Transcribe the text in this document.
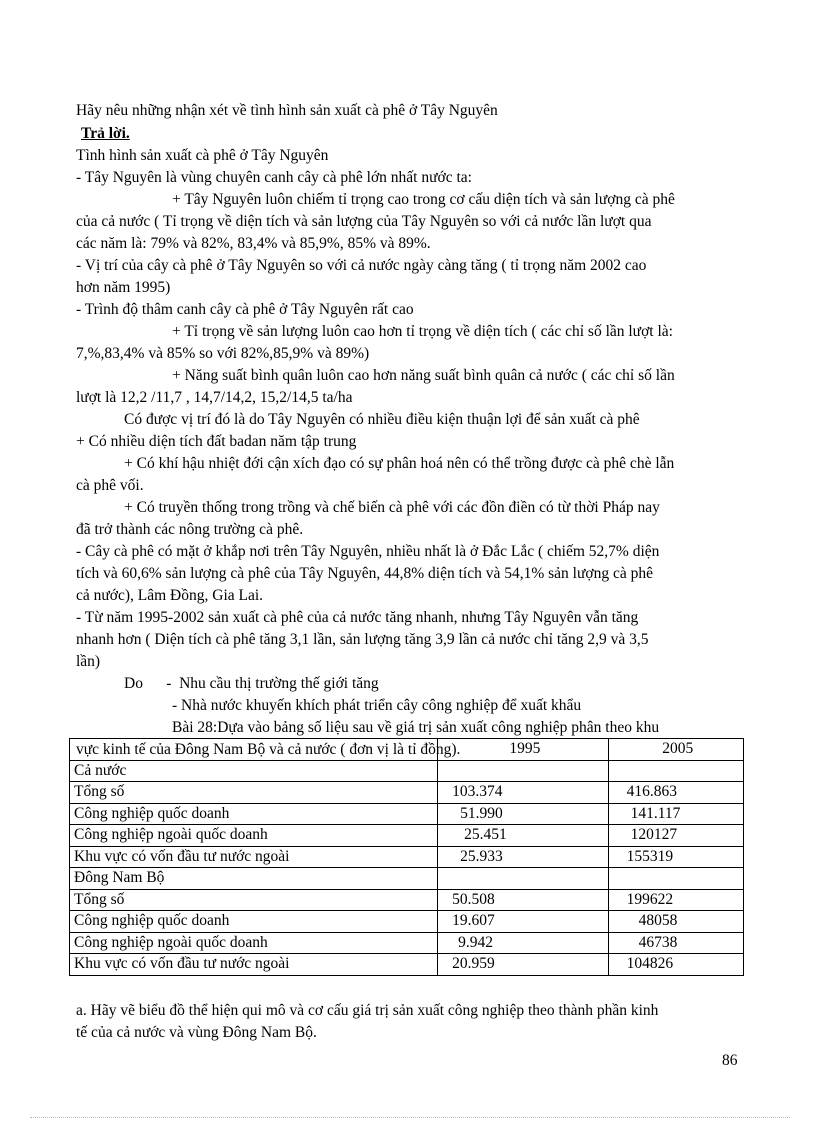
Hãy nêu những nhận xét về tình hình sản xuất cà phê ở Tây Nguyên
Trả lời.
Tình hình sản xuất cà phê ở Tây Nguyên
- Tây Nguyên là vùng chuyên canh cây cà phê lớn nhất nước ta:
+ Tây Nguyên luôn chiếm tỉ trọng cao trong cơ cấu diện tích và sản lượng cà phê
của cả nước ( Tỉ trọng về diện tích và sản lượng của Tây Nguyên so với cả nước lần lượt qua
các năm là: 79% và 82%, 83,4% và 85,9%, 85% và 89%.
- Vị trí của cây cà phê ở Tây Nguyên so với cả nước ngày càng tăng ( tỉ trọng năm 2002 cao
hơn năm 1995)
- Trình độ thâm canh cây cà phê ở Tây Nguyên rất cao
+ Tỉ trọng về sản lượng luôn cao hơn tỉ trọng về diện tích ( các chỉ số lần lượt là:
7,%,83,4% và 85% so với 82%,85,9% và 89%)
+ Năng suất bình quân luôn cao hơn năng suất bình quân cả nước ( các chỉ số lần
lượt là 12,2 /11,7 , 14,7/14,2, 15,2/14,5 ta/ha
Có được vị trí đó là do Tây Nguyên có nhiều điều kiện thuận lợi để sản xuất cà phê
+ Có nhiều diện tích đất badan năm tập trung
+ Có khí hậu nhiệt đới cận xích đạo có sự phân hoá nên có thể trồng được cà phê chè lẫn
cà phê vối.
+ Có truyền thống trong trồng và chế biến cà phê với các đồn điền có từ thời Pháp nay
đã trở thành các nông trường cà phê.
- Cây cà phê có mặt ở khắp nơi trên Tây Nguyên, nhiều nhất là ở Đắc Lắc ( chiếm 52,7% diện
tích và 60,6% sản lượng cà phê của Tây Nguyên, 44,8% diện tích và 54,1% sản lượng cà phê
cả nước), Lâm Đồng, Gia Lai.
- Từ năm 1995-2002 sản xuất cà phê của cả nước tăng nhanh, nhưng Tây Nguyên vẫn tăng
nhanh hơn ( Diện tích cà phê tăng 3,1 lần, sản lượng tăng 3,9 lần cả nước chỉ tăng 2,9 và 3,5
lần)
Do      -  Nhu cầu thị trường thế giới tăng
- Nhà nước khuyến khích phát triển cây công nghiệp để xuất khẩu
Bài 28:Dựa vào bảng số liệu sau về giá trị sản xuất công nghiệp phân theo khu
vực kinh tế của Đông Nam Bộ và cả nước ( đơn vị là tỉ đồng).
		1995	2005
Cả nước		
Tổng số	103.374	416.863
Công nghiệp quốc doanh	51.990	141.117
Công nghiệp ngoài quốc doanh	25.451	120127
Khu vực có vốn đầu tư nước ngoài	25.933	155319
Đông Nam Bộ		
Tổng số	50.508	199622
Công nghiệp quốc doanh	19.607	48058
Công nghiệp ngoài quốc doanh	9.942	46738
Khu vực có vốn đầu tư nước ngoài	20.959	104826
a. Hãy vẽ biểu đồ thể hiện qui mô và cơ cấu giá trị sản xuất công nghiệp theo thành phần kinh
tế của cả nước và vùng Đông Nam Bộ.
86
